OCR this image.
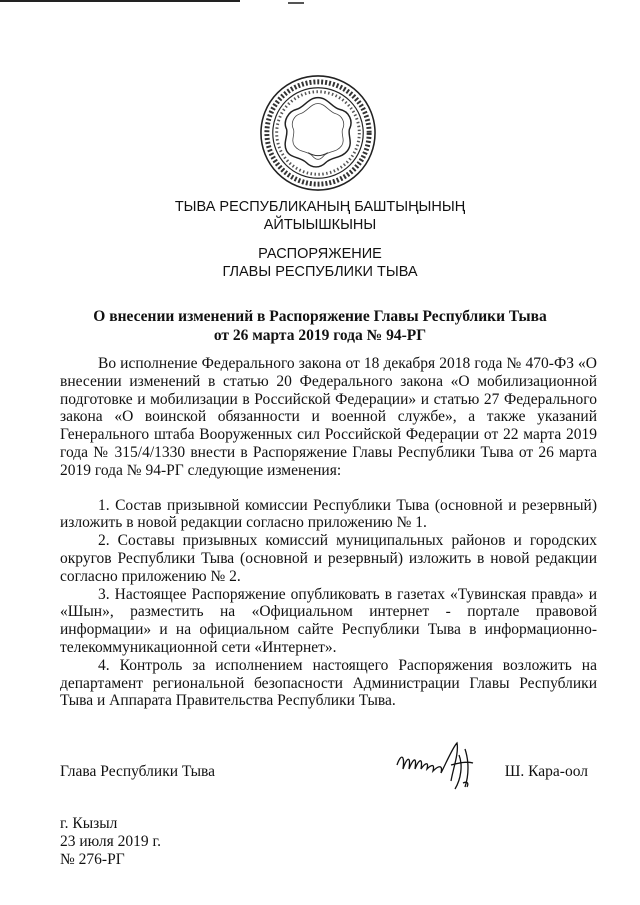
ТЫВА РЕСПУБЛИКАНЫҢ БАШТЫҢЫНЫҢ
АЙТЫЫШКЫНЫ
РАСПОРЯЖЕНИЕ
ГЛАВЫ РЕСПУБЛИКИ ТЫВА
О внесении изменений в Распоряжение Главы Республики Тыва
от 26 марта 2019 года № 94-РГ

Во исполнение Федерального закона от 18 декабря 2018 года № 470-ФЗ «О внесении изменений в статью 20 Федерального закона «О мобилизационной подготовке и мобилизации в Российской Федерации» и статью 27 Федерального закона «О воинской обязанности и военной службе», а также указаний Генерального штаба Вооруженных сил Российской Федерации от 22 марта 2019 года № 315/4/1330 внести в Распоряжение Главы Республики Тыва от 26 марта 2019 года № 94-РГ следующие изменения:

1. Состав призывной комиссии Республики Тыва (основной и резервный) изложить в новой редакции согласно приложению № 1.

2. Составы призывных комиссий муниципальных районов и городских округов Республики Тыва (основной и резервный) изложить в новой редакции согласно приложению № 2.

3. Настоящее Распоряжение опубликовать в газетах «Тувинская правда» и «Шын», разместить на «Официальном интернет - портале правовой информации» и на официальном сайте Республики Тыва в информационно-телекоммуникационной сети «Интернет».

4. Контроль за исполнением настоящего Распоряжения возложить на департамент региональной безопасности Администрации Главы Республики Тыва и Аппарата Правительства Республики Тыва.

Глава Республики Тыва	Ш. Кара-оол
г. Кызыл
23 июля 2019 г.
№ 276-РГ
